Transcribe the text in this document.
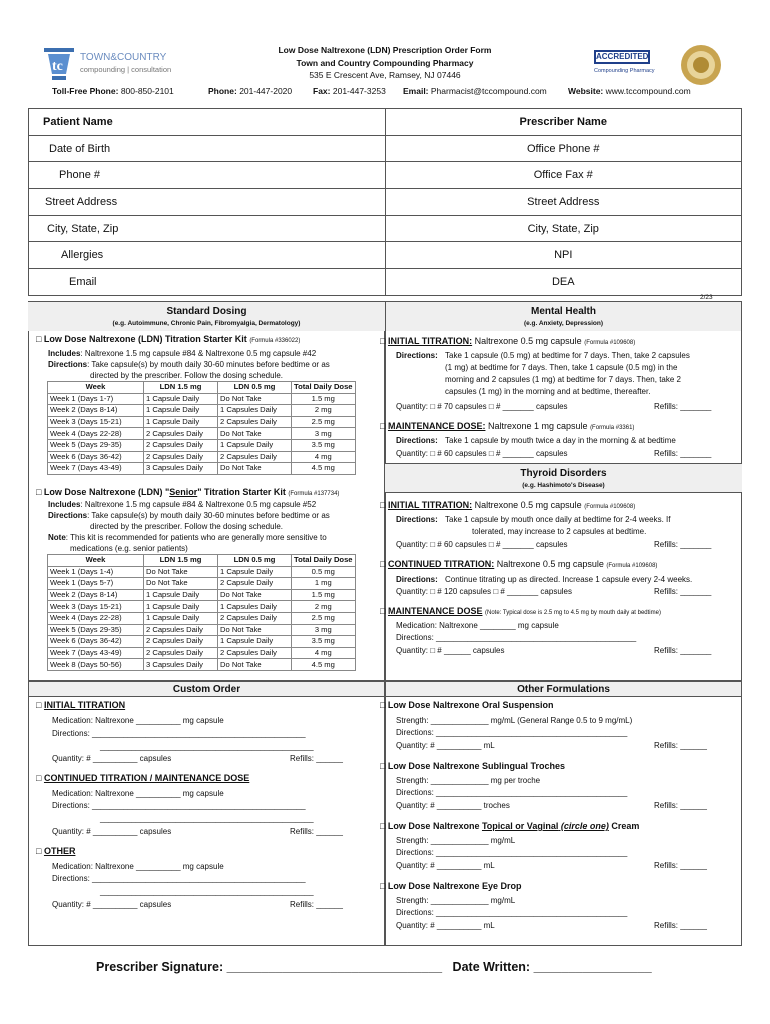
tc
TOWN&COUNTRY
compounding | consultation
Low Dose Naltrexone (LDN) Prescription Order Form
Town and Country Compounding Pharmacy
535 E Crescent Ave, Ramsey, NJ 07446
Toll-Free Phone: 800-850-2101	Phone: 201-447-2020 Fax: 201-447-3253 Email: Pharmacist@tccompound.com Website: www.tccompound.com
ACCREDITED
Compounding Pharmacy
Patient Name	Prescriber Name
Date of Birth	Office Phone #
Phone #	Office Fax #
Street Address	Street Address
City, State, Zip	City, State, Zip
Allergies	NPI
Email	DEA
2/23
Standard Dosing
(e.g. Autoimmune, Chronic Pain, Fibromyalgia, Dermatology)
□ Low Dose Naltrexone (LDN) Titration Starter Kit (Formula #336022)
Includes: Naltrexone 1.5 mg capsule #84 & Naltrexone 0.5 mg capsule #42
Directions: Take capsule(s) by mouth daily 30-60 minutes before bedtime or as
directed by the prescriber. Follow the dosing schedule.
Week	LDN 1.5 mg	LDN 0.5 mg	Total Daily Dose
Week 1 (Days 1-7)	1 Capsule Daily	Do Not Take	1.5 mg
Week 2 (Days 8-14)	1 Capsule Daily	1 Capsules Daily	2 mg
Week 3 (Days 15-21)	1 Capsule Daily	2 Capsules Daily	2.5 mg
Week 4 (Days 22-28)	2 Capsules Daily	Do Not Take	3 mg
Week 5 (Days 29-35)	2 Capsules Daily	1 Capsule Daily	3.5 mg
Week 6 (Days 36-42)	2 Capsules Daily	2 Capsules Daily	4 mg
Week 7 (Days 43-49)	3 Capsules Daily	Do Not Take	4.5 mg
□ Low Dose Naltrexone (LDN) "Senior" Titration Starter Kit (Formula #137734)
Includes: Naltrexone 1.5 mg capsule #84 & Naltrexone 0.5 mg capsule #52
Directions: Take capsule(s) by mouth daily 30-60 minutes before bedtime or as
directed by the prescriber. Follow the dosing schedule.
Note: This kit is recommended for patients who are generally more sensitive to
medications (e.g. senior patients)
Week	LDN 1.5 mg	LDN 0.5 mg	Total Daily Dose
Week 1 (Days 1-4)	Do Not Take	1 Capsule Daily	0.5 mg
Week 1 (Days 5-7)	Do Not Take	2 Capsule Daily	1 mg
Week 2 (Days 8-14)	1 Capsule Daily	Do Not Take	1.5 mg
Week 3 (Days 15-21)	1 Capsule Daily	1 Capsules Daily	2 mg
Week 4 (Days 22-28)	1 Capsule Daily	2 Capsules Daily	2.5 mg
Week 5 (Days 29-35)	2 Capsules Daily	Do Not Take	3 mg
Week 6 (Days 36-42)	2 Capsules Daily	1 Capsule Daily	3.5 mg
Week 7 (Days 43-49)	2 Capsules Daily	2 Capsules Daily	4 mg
Week 8 (Days 50-56)	3 Capsules Daily	Do Not Take	4.5 mg
Mental Health
(e.g. Anxiety, Depression)
□ INITIAL TITRATION: Naltrexone 0.5 mg capsule (Formula #109608)
Directions: Take 1 capsule (0.5 mg) at bedtime for 7 days. Then, take 2 capsules
(1 mg) at bedtime for 7 days. Then, take 1 capsule (0.5 mg) in the
morning and 2 capsules (1 mg) at bedtime for 7 days. Then, take 2
capsules (1 mg) in the morning and at bedtime, thereafter.
Quantity: □ # 70 capsules □ # _______ capsules	Refills: _______
□ MAINTENANCE DOSE: Naltrexone 1 mg capsule (Formula #3361)
Directions: Take 1 capsule by mouth twice a day in the morning & at bedtime
Quantity: □ # 60 capsules □ # _______ capsules	Refills: _______
Thyroid Disorders
(e.g. Hashimoto's Disease)
□ INITIAL TITRATION: Naltrexone 0.5 mg capsule (Formula #109608)
Directions: Take 1 capsule by mouth once daily at bedtime for 2-4 weeks. If
tolerated, may increase to 2 capsules at bedtime.
Quantity: □ # 60 capsules □ # _______ capsules	Refills: _______
□ CONTINUED TITRATION: Naltrexone 0.5 mg capsule (Formula #109608)
Directions: Continue titrating up as directed. Increase 1 capsule every 2-4 weeks.
Quantity: □ # 120 capsules □ # _______ capsules	Refills: _______
□ MAINTENANCE DOSE (Note: Typical dose is 2.5 mg to 4.5 mg by mouth daily at bedtime)
Medication: Naltrexone ________ mg capsule
Directions: _____________________________________________
Quantity: □ # ______ capsules	Refills: _______
Custom Order
□ INITIAL TITRATION
Medication: Naltrexone __________ mg capsule
Directions: ________________________________________________
________________________________________________
Quantity: # __________ capsules	Refills: ______
□ CONTINUED TITRATION / MAINTENANCE DOSE
Medication: Naltrexone __________ mg capsule
Directions: ________________________________________________
________________________________________________
Quantity: # __________ capsules	Refills: ______
□ OTHER
Medication: Naltrexone __________ mg capsule
Directions: ________________________________________________
________________________________________________
Quantity: # __________ capsules	Refills: ______
Other Formulations
□ Low Dose Naltrexone Oral Suspension
Strength: _____________ mg/mL (General Range 0.5 to 9 mg/mL)
Directions: ___________________________________________
Quantity: # __________ mL	Refills: ______
□ Low Dose Naltrexone Sublingual Troches
Strength: _____________ mg per troche
Directions: ___________________________________________
Quantity: # __________ troches	Refills: ______
□ Low Dose Naltrexone Topical or Vaginal (circle one) Cream
Strength: _____________ mg/mL
Directions: ___________________________________________
Quantity: # __________ mL	Refills: ______
□ Low Dose Naltrexone Eye Drop
Strength: _____________ mg/mL
Directions: ___________________________________________
Quantity: # __________ mL	Refills: ______
Prescriber Signature: _______________________________ Date Written: _________________
